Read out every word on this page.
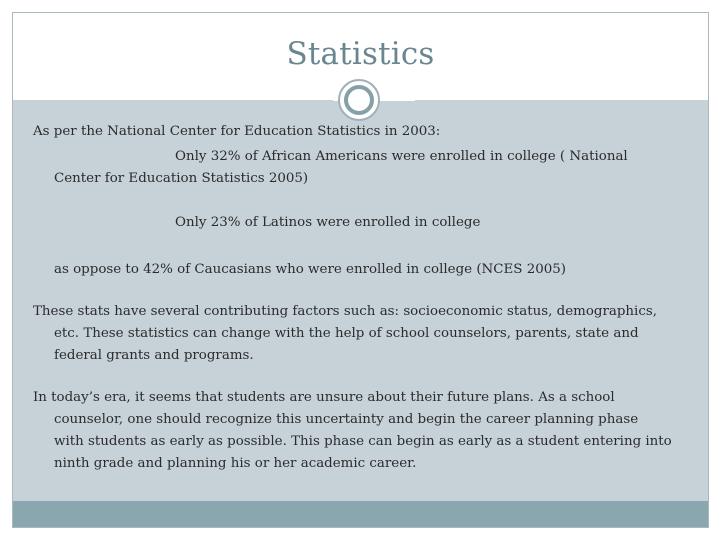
Statistics
As per the National Center for Education Statistics in 2003:
Only 32% of African Americans were enrolled in college ( National
Center for Education Statistics 2005)
Only 23% of Latinos were enrolled in college
as oppose to 42% of Caucasians who were enrolled in college (NCES 2005)
These stats have several contributing factors such as: socioeconomic status, demographics,
etc. These statistics can change with the help of school counselors, parents, state and
federal grants and programs.
In today’s era, it seems that students are unsure about their future plans. As a school
counselor, one should recognize this uncertainty and begin the career planning phase
with students as early as possible. This phase can begin as early as a student entering into
ninth grade and planning his or her academic career.
